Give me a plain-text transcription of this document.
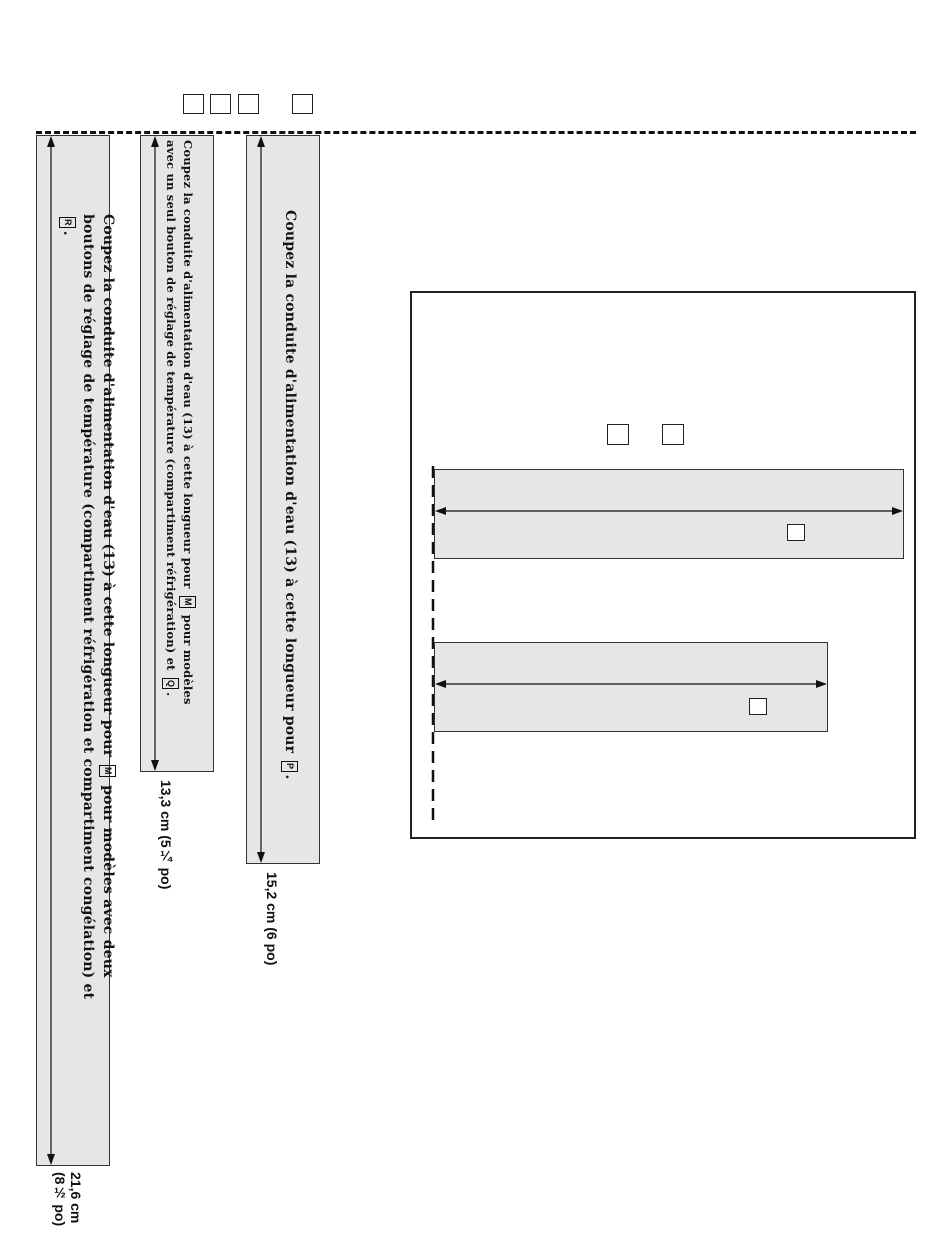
Coupez la conduite d'alimentation d'eau (13) à cette longueur pour M pour modèles avec deux boutons de réglage de température (compartiment réfrigération et compartiment congélation) et R.
21,6 cm (8½ po)
Coupez la conduite d'alimentation d'eau (13) à cette longueur pour M pour modèles avec un seul bouton de réglage de température (compartiment réfrigération) et Q.
13,3 cm (5¼ po)
Coupez la conduite d'alimentation d'eau (13) à cette longueur pour P.
15,2 cm (6 po)
